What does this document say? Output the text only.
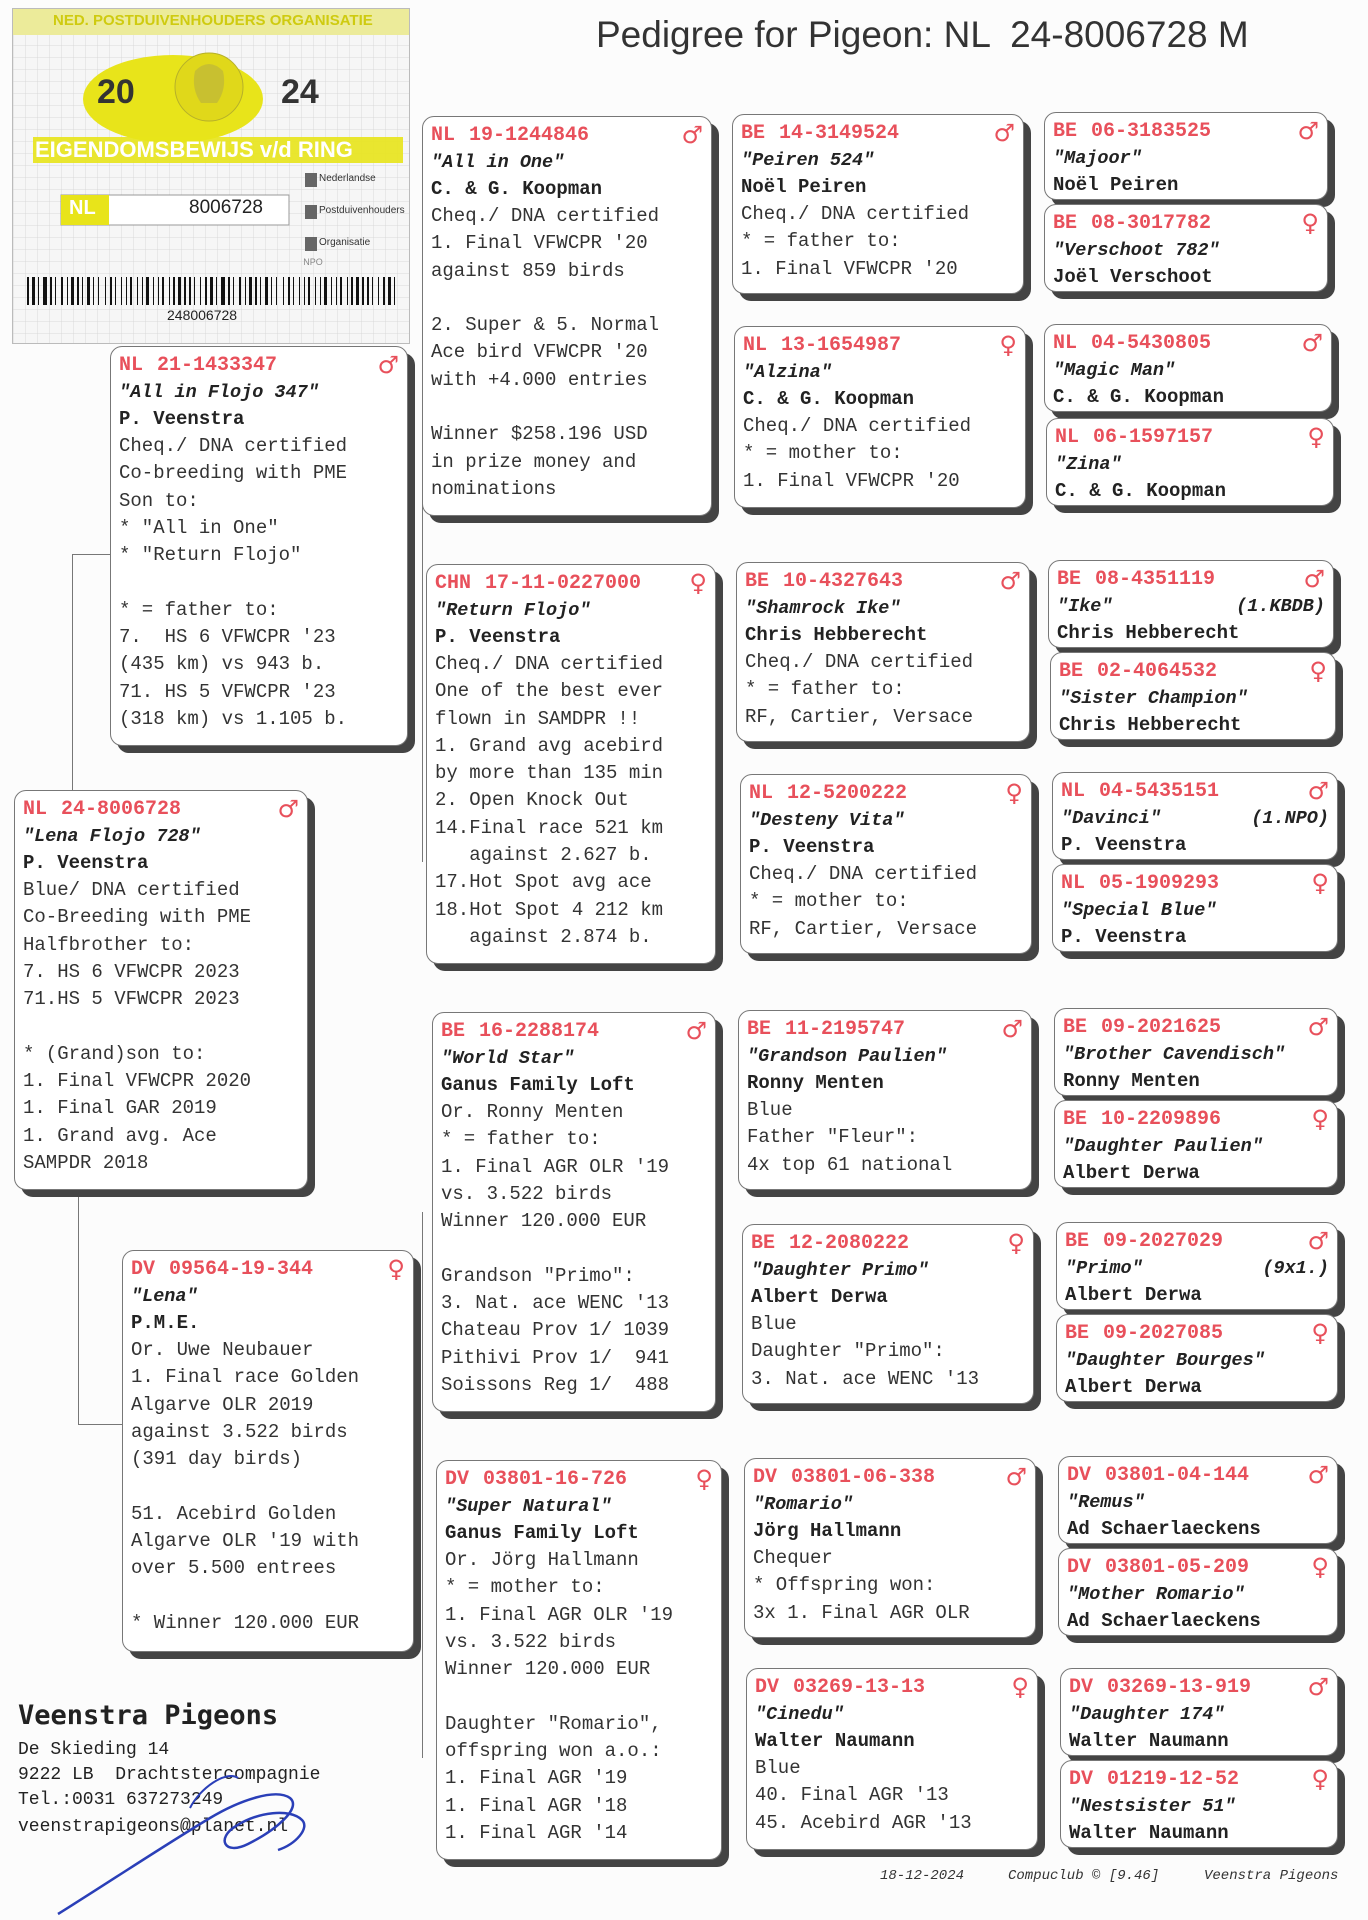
Pedigree for Pigeon: NL  24-8006728 M
NPO
NED. POSTDUIVENHOUDERS ORGANISATIE
20	24
EIGENDOMSBEWIJS v/d RING
NL	8006728
Nederlandse
Postduivenhouders
Organisatie
248006728
NL 24-8006728	♂
"Lena Flojo 728"
P. Veenstra
Blue/ DNA certified
Co-Breeding with PME
Halfbrother to:
7. HS 6 VFWCPR 2023
71.HS 5 VFWCPR 2023
* (Grand)son to:
1. Final VFWCPR 2020
1. Final GAR 2019
1. Grand avg. Ace
SAMPDR 2018
NL 21-1433347	♂
"All in Flojo 347"
P. Veenstra
Cheq./ DNA certified
Co-breeding with PME
Son to:
* "All in One"
* "Return Flojo"
* = father to:
7.  HS 6 VFWCPR '23
(435 km) vs 943 b.
71. HS 5 VFWCPR '23
(318 km) vs 1.105 b.
DV 09564-19-344	♀
"Lena"
P.M.E.
Or. Uwe Neubauer
1. Final race Golden
Algarve OLR 2019
against 3.522 birds
(391 day birds)
51. Acebird Golden
Algarve OLR '19 with
over 5.500 entrees
* Winner 120.000 EUR
NL 19-1244846	♂
"All in One"
C. & G. Koopman
Cheq./ DNA certified
1. Final VFWCPR '20
against 859 birds
2. Super & 5. Normal
Ace bird VFWCPR '20
with +4.000 entries
Winner $258.196 USD
in prize money and
nominations
CHN 17-11-0227000 ♀
"Return Flojo"
P. Veenstra
Cheq./ DNA certified
One of the best ever
flown in SAMDPR !!
1. Grand avg acebird
by more than 135 min
2. Open Knock Out
14.Final race 521 km
against 2.627 b.
17.Hot Spot avg ace
18.Hot Spot 4 212 km
against 2.874 b.
BE 16-2288174	♂
"World Star"
Ganus Family Loft
Or. Ronny Menten
* = father to:
1. Final AGR OLR '19
vs. 3.522 birds
Winner 120.000 EUR
Grandson "Primo":
3. Nat. ace WENC '13
Chateau Prov 1/ 1039
Pithivi Prov 1/  941
Soissons Reg 1/  488
DV 03801-16-726	♀
"Super Natural"
Ganus Family Loft
Or. Jörg Hallmann
* = mother to:
1. Final AGR OLR '19
vs. 3.522 birds
Winner 120.000 EUR
Daughter "Romario",
offspring won a.o.:
1. Final AGR '19
1. Final AGR '18
1. Final AGR '14
BE 14-3149524	♂
"Peiren 524"
Noël Peiren
Cheq./ DNA certified
* = father to:
1. Final VFWCPR '20
NL 13-1654987	♀
"Alzina"
C. & G. Koopman
Cheq./ DNA certified
* = mother to:
1. Final VFWCPR '20
BE 10-4327643	♂
"Shamrock Ike"
Chris Hebberecht
Cheq./ DNA certified
* = father to:
RF, Cartier, Versace
NL 12-5200222	♀
"Desteny Vita"
P. Veenstra
Cheq./ DNA certified
* = mother to:
RF, Cartier, Versace
BE 11-2195747	♂
"Grandson Paulien"
Ronny Menten
Blue
Father "Fleur":
4x top 61 national
BE 12-2080222	♀
"Daughter Primo"
Albert Derwa
Blue
Daughter "Primo":
3. Nat. ace WENC '13
DV 03801-06-338	♂
"Romario"
Jörg Hallmann
Chequer
* Offspring won:
3x 1. Final AGR OLR
DV 03269-13-13	♀
"Cinedu"
Walter Naumann
Blue
40. Final AGR '13
45. Acebird AGR '13
BE 06-3183525	♂
"Majoor"
Noël Peiren
BE 08-3017782	♀
"Verschoot 782"
Joël Verschoot
NL 04-5430805	♂
"Magic Man"
C. & G. Koopman
NL 06-1597157	♀
"Zina"
C. & G. Koopman
BE 08-4351119	♂
"Ike"	(1.KBDB)
Chris Hebberecht
BE 02-4064532	♀
"Sister Champion"
Chris Hebberecht
NL 04-5435151	♂
"Davinci"	(1.NPO)
P. Veenstra
NL 05-1909293	♀
"Special Blue"
P. Veenstra
BE 09-2021625	♂
"Brother Cavendisch"
Ronny Menten
BE 10-2209896	♀
"Daughter Paulien"
Albert Derwa
BE 09-2027029	♂
"Primo"	(9x1.)
Albert Derwa
BE 09-2027085	♀
"Daughter Bourges"
Albert Derwa
DV 03801-04-144 ♂
"Remus"
Ad Schaerlaeckens
DV 03801-05-209	♀
"Mother Romario"
Ad Schaerlaeckens
DV 03269-13-919 ♂
"Daughter 174"
Walter Naumann
DV 01219-12-52	♀
"Nestsister 51"
Walter Naumann
Veenstra Pigeons
De Skieding 14
9222 LB  Drachtstercompagnie
Tel.:0031 637273249
veenstrapigeons@planet.nl
18-12-2024	Compuclub © [9.46]	Veenstra Pigeons
